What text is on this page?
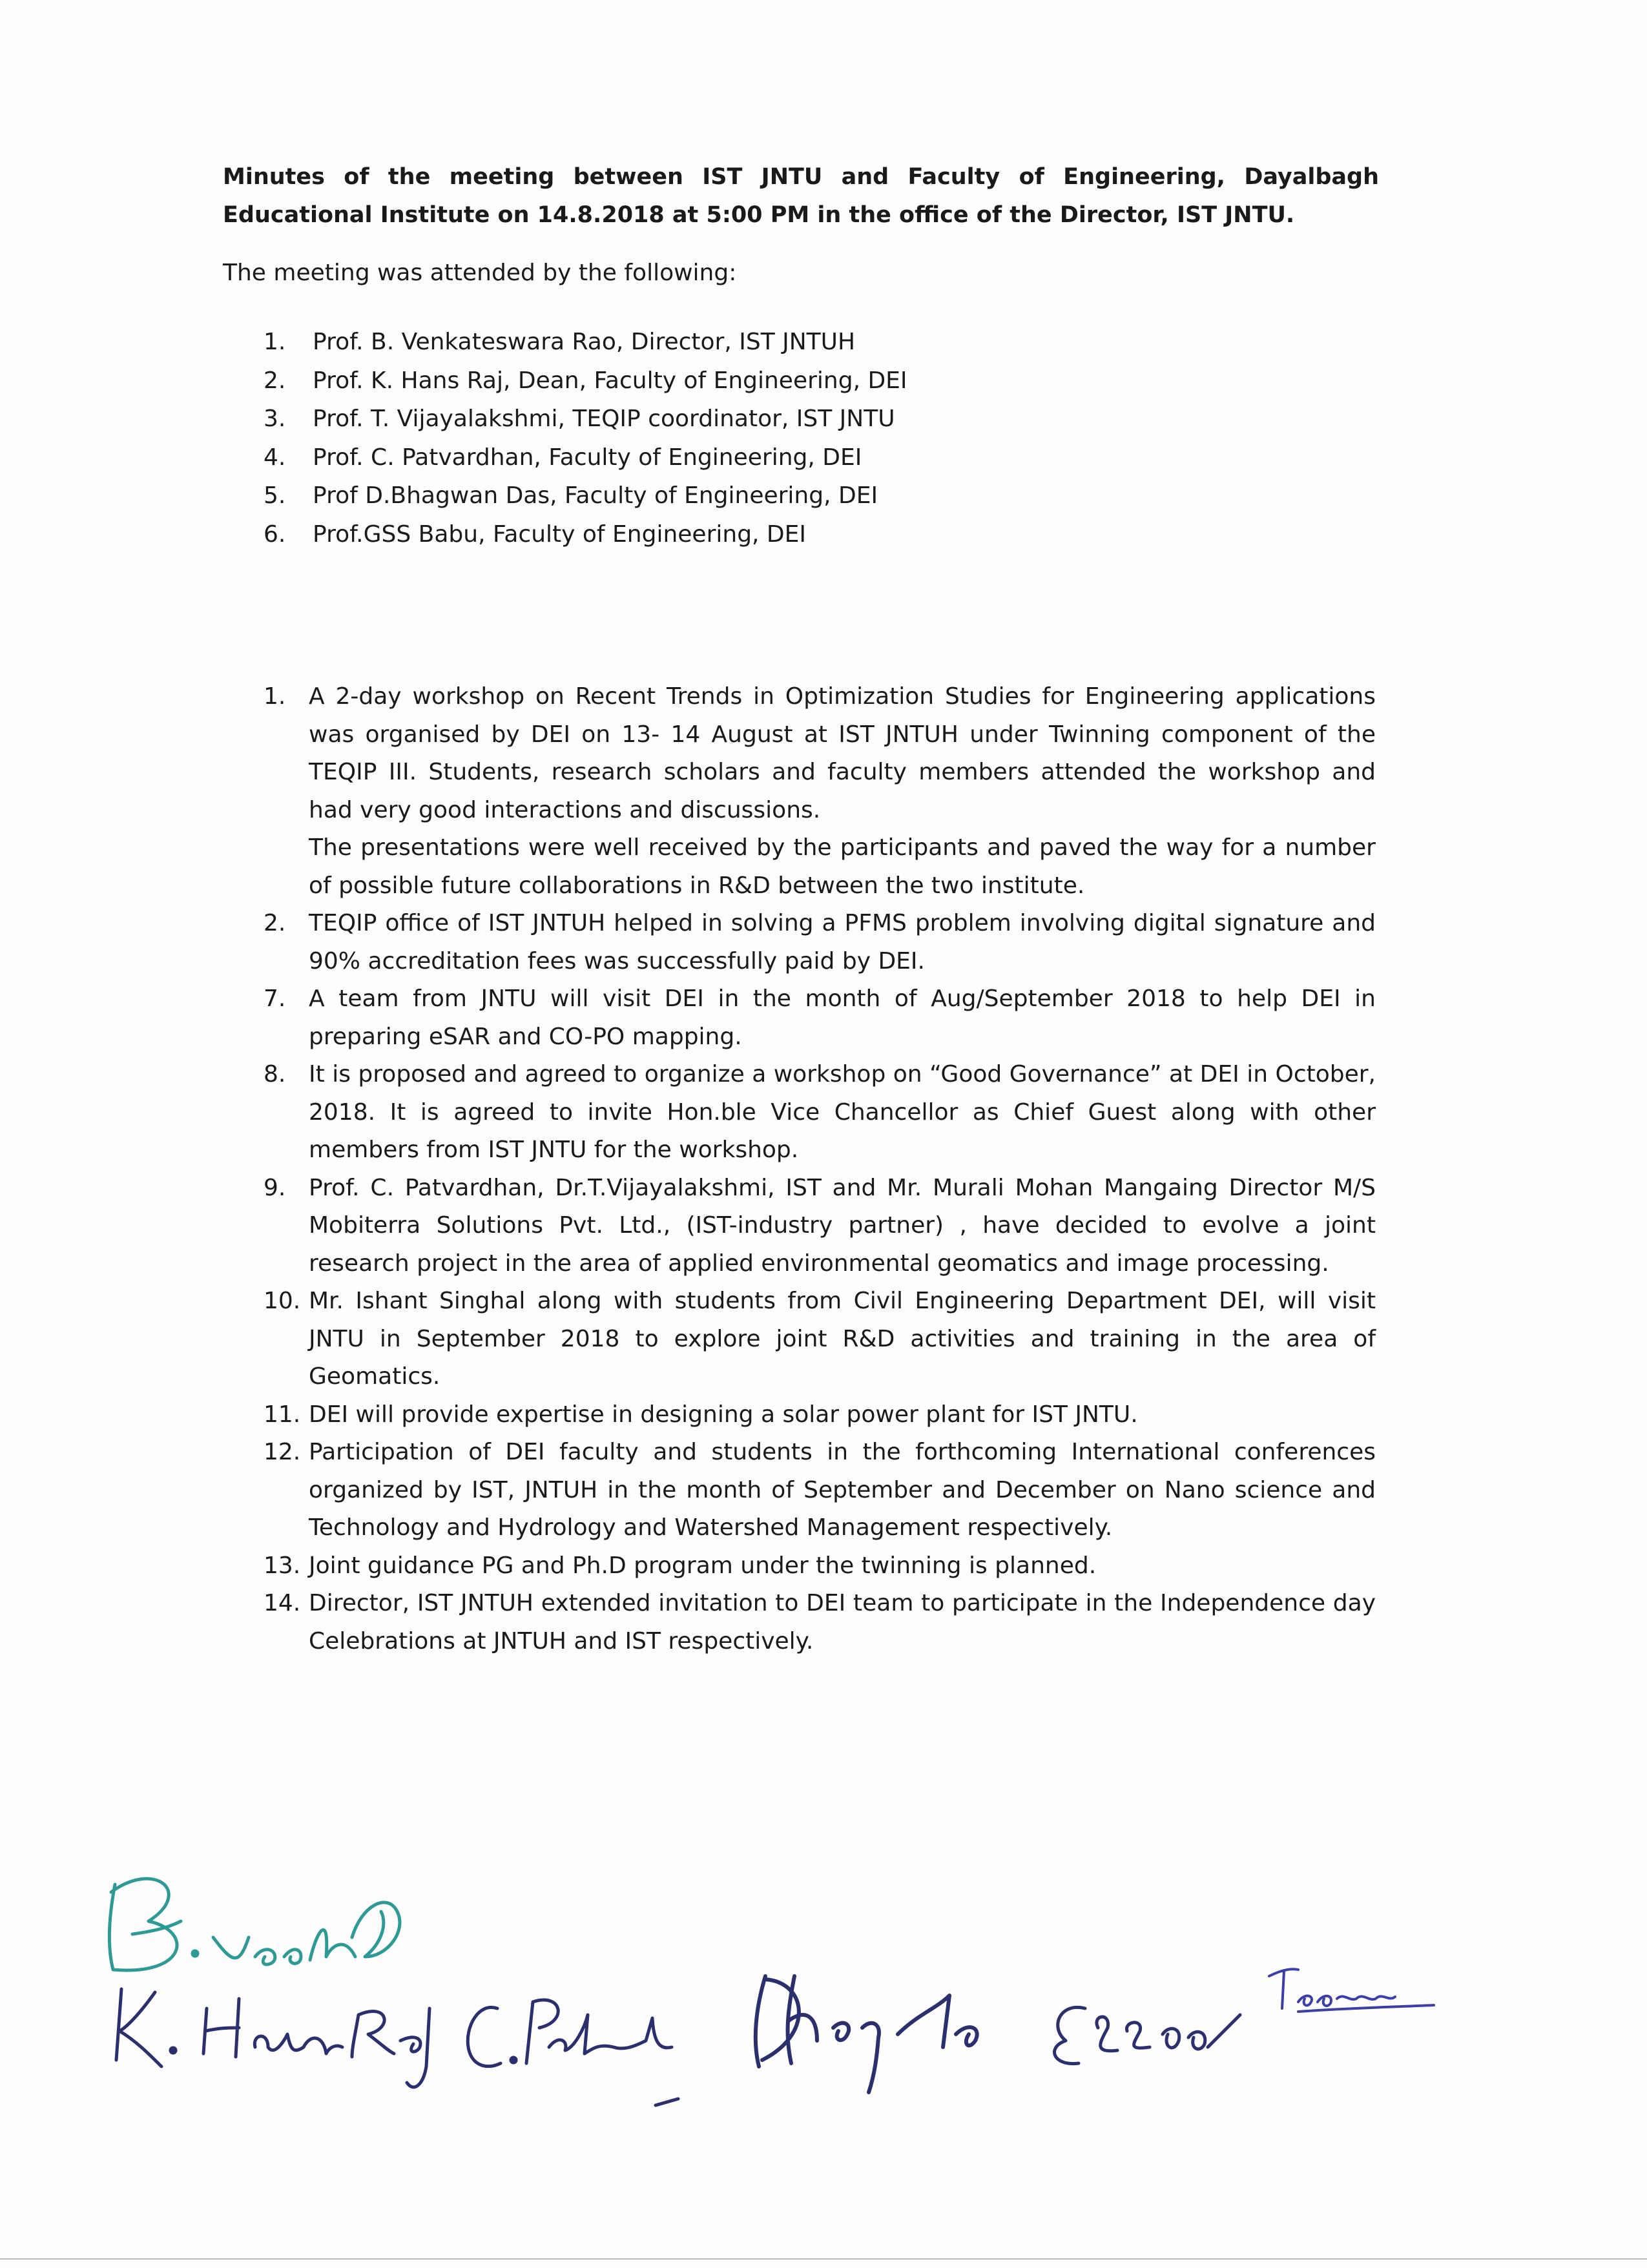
Minutes of the meeting between IST JNTU and Faculty of Engineering, Dayalbagh Educational Institute on 14.8.2018 at 5:00 PM in the office of the Director, IST JNTU.
The meeting was attended by the following:
1.	Prof. B. Venkateswara Rao, Director, IST JNTUH
2.	Prof. K. Hans Raj, Dean, Faculty of Engineering, DEI
3.	Prof. T. Vijayalakshmi, TEQIP coordinator, IST JNTU
4.	Prof. C. Patvardhan, Faculty of Engineering, DEI
5.	Prof D.Bhagwan Das, Faculty of Engineering, DEI
6.	Prof.GSS Babu, Faculty of Engineering, DEI
1. A 2-day workshop on Recent Trends in Optimization Studies for Engineering applications was organised by DEI on 13- 14 August at IST JNTUH under Twinning component of the TEQIP III. Students, research scholars and faculty members attended the workshop and had very good interactions and discussions.

The presentations were well received by the participants and paved the way for a number of possible future collaborations in R&D between the two institute.

2. TEQIP office of IST JNTUH helped in solving a PFMS problem involving digital signature and 90% accreditation fees was successfully paid by DEI.
7. A team from JNTU will visit DEI in the month of Aug/September 2018 to help DEI in preparing eSAR and CO-PO mapping.
8. It is proposed and agreed to organize a workshop on “Good Governance” at DEI in October, 2018. It is agreed to invite Hon.ble Vice Chancellor as Chief Guest along with other members from IST JNTU for the workshop.
9. Prof. C. Patvardhan, Dr.T.Vijayalakshmi, IST and Mr. Murali Mohan Mangaing Director M/S Mobiterra Solutions Pvt. Ltd., (IST-industry partner) , have decided to evolve a joint research project in the area of applied environmental geomatics and image processing.
10. Mr. Ishant Singhal along with students from Civil Engineering Department DEI, will visit JNTU in September 2018 to explore joint R&D activities and training in the area of Geomatics.
11. DEI will provide expertise in designing a solar power plant for IST JNTU.
12. Participation of DEI faculty and students in the forthcoming International conferences organized by IST, JNTUH in the month of September and December on Nano science and Technology and Hydrology and Watershed Management respectively.
13. Joint guidance PG and Ph.D program under the twinning is planned.
14. Director, IST JNTUH extended invitation to DEI team to participate in the Independence day Celebrations at JNTUH and IST respectively.
